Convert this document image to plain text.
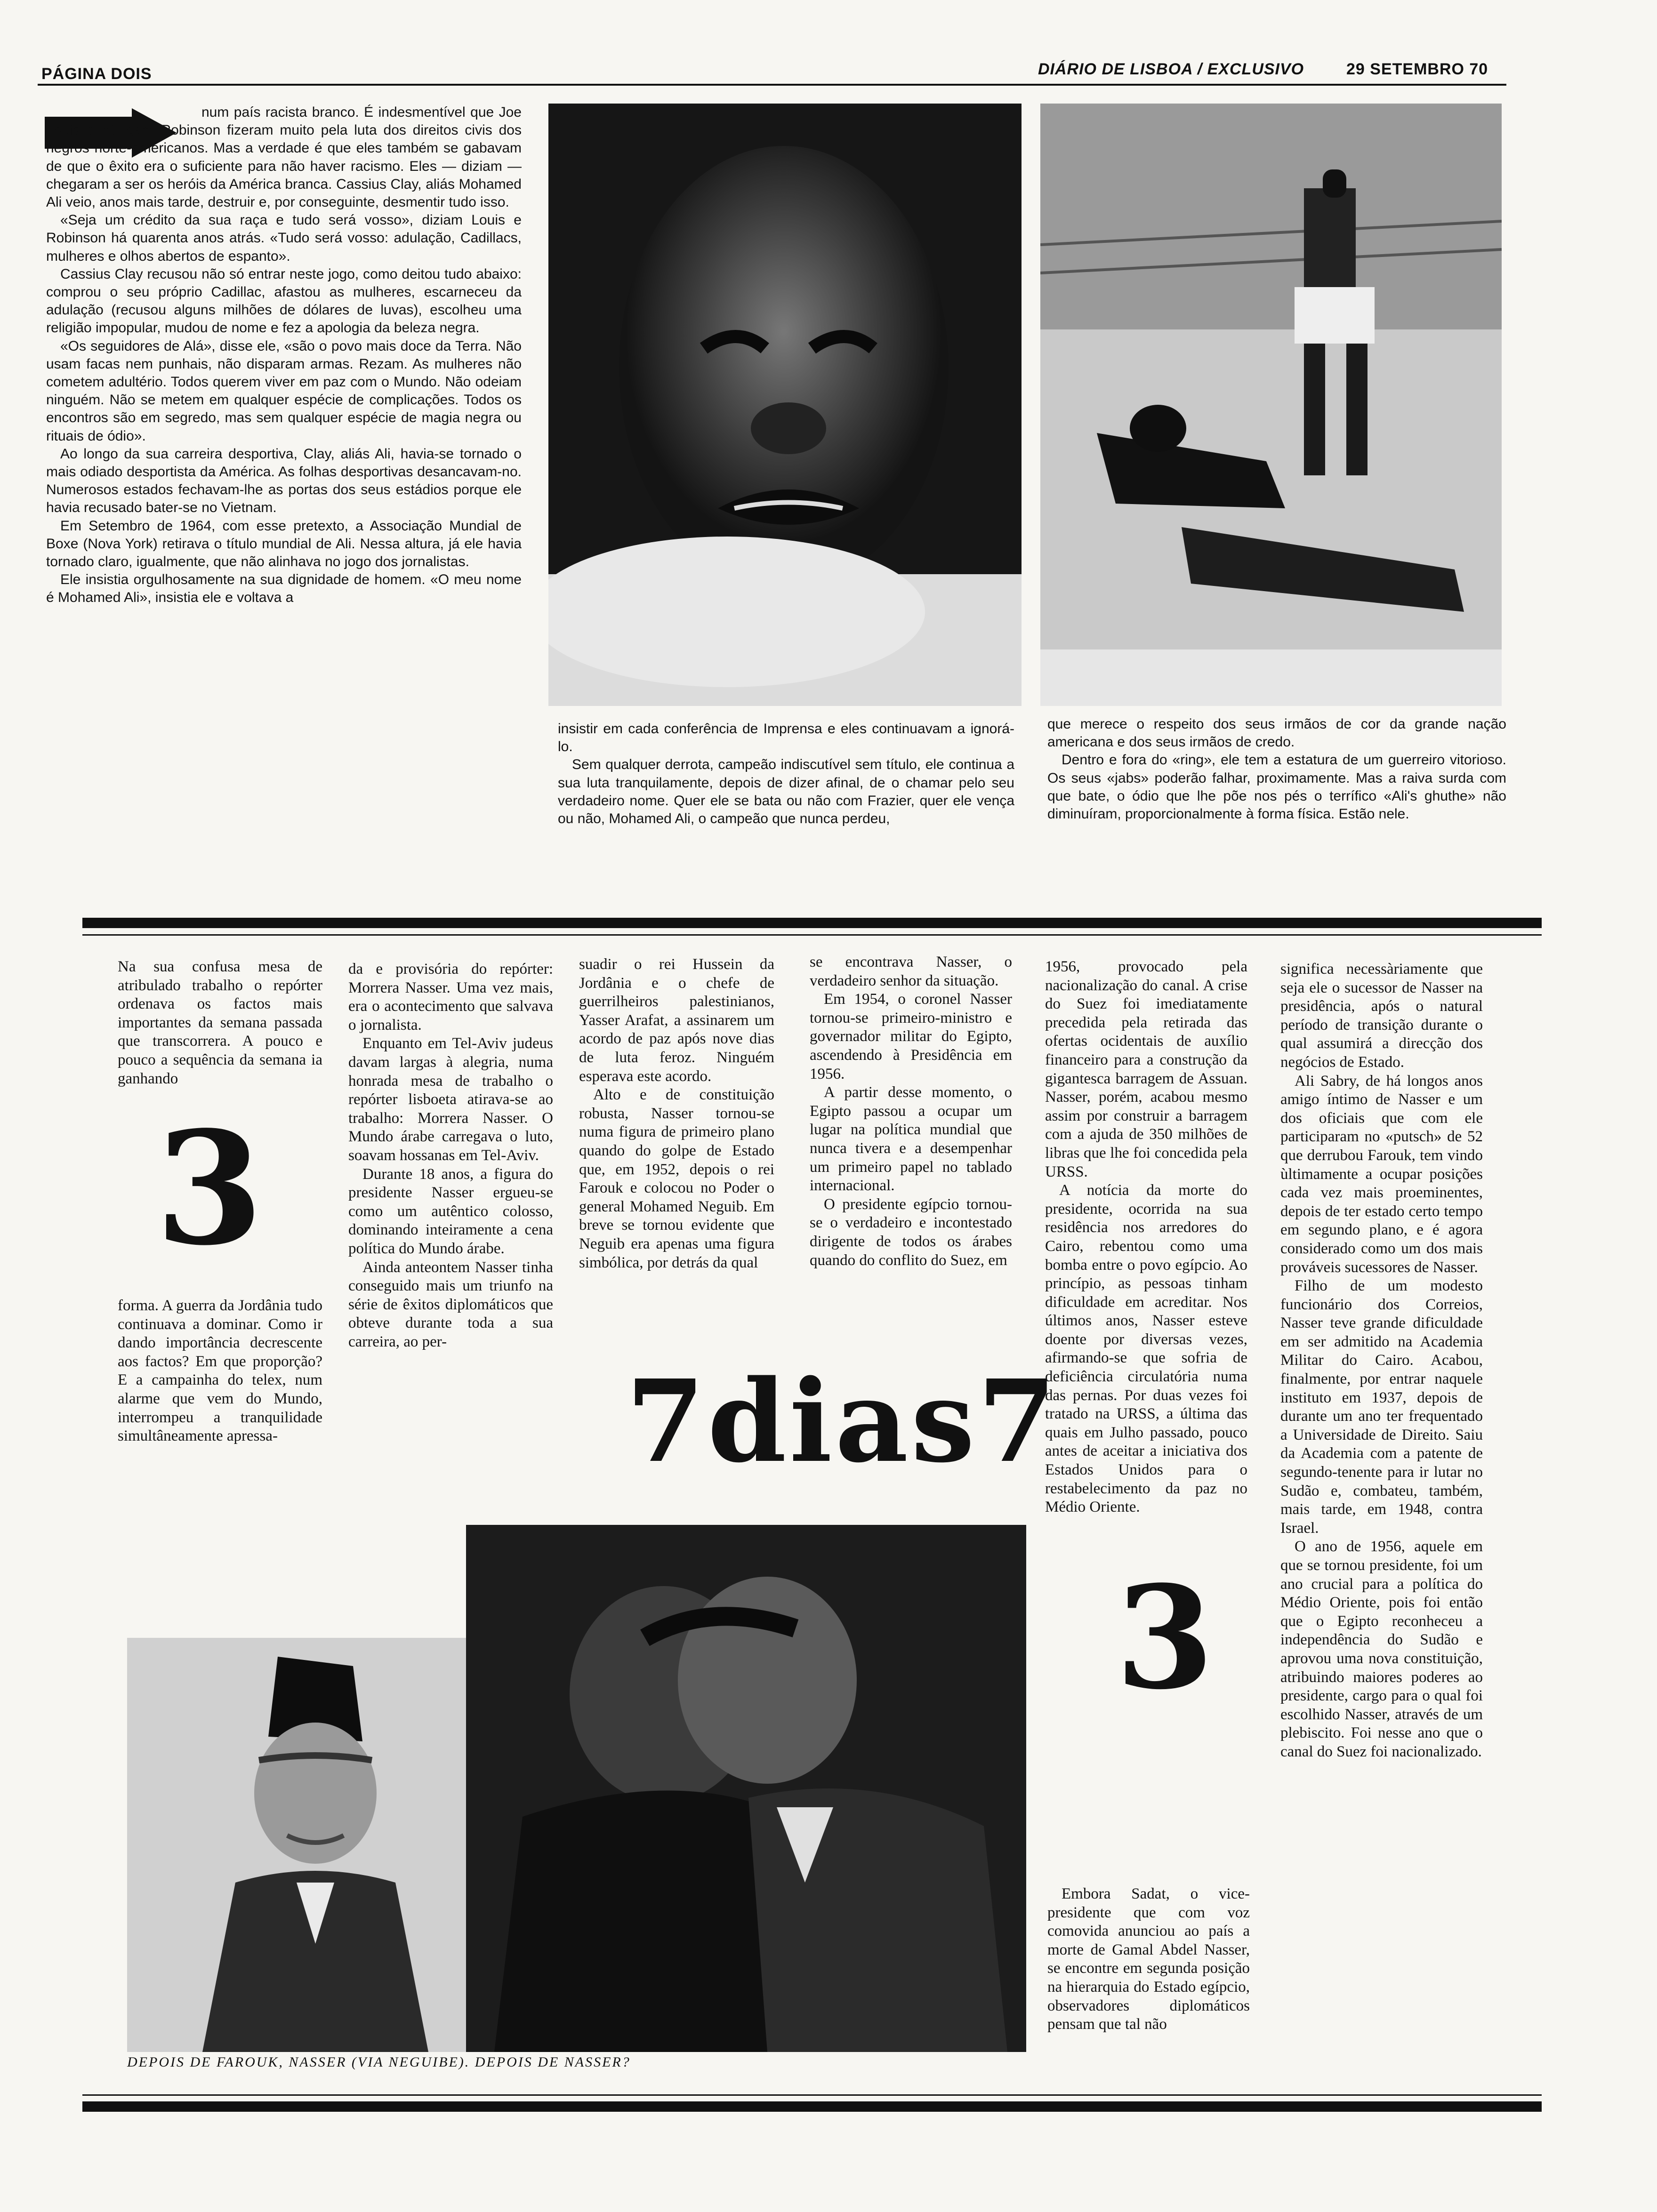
PÁGINA DOIS	DIÁRIO DE LISBOA / EXCLUSIVO	29 SETEMBRO 70

num país racista branco. É indesmentível que Joe Louis e «Sugar» Robinson fizeram muito pela luta dos direitos civis dos negros norte-americanos. Mas a verdade é que eles também se gabavam de que o êxito era o suficiente para não haver racismo. Eles — diziam — chegaram a ser os heróis da América branca. Cassius Clay, aliás Mohamed Ali veio, anos mais tarde, destruir e, por conseguinte, desmentir tudo isso.

«Seja um crédito da sua raça e tudo será vosso», diziam Louis e Robinson há quarenta anos atrás. «Tudo será vosso: adulação, Cadillacs, mulheres e olhos abertos de espanto».

Cassius Clay recusou não só entrar neste jogo, como deitou tudo abaixo: comprou o seu próprio Cadillac, afastou as mulheres, escarneceu da adulação (recusou alguns milhões de dólares de luvas), escolheu uma religião impopular, mudou de nome e fez a apologia da beleza negra.

«Os seguidores de Alá», disse ele, «são o povo mais doce da Terra. Não usam facas nem punhais, não disparam armas. Rezam. As mulheres não cometem adultério. Todos querem viver em paz com o Mundo. Não odeiam ninguém. Não se metem em qualquer espécie de complicações. Todos os encontros são em segredo, mas sem qualquer espécie de magia negra ou rituais de ódio».

Ao longo da sua carreira desportiva, Clay, aliás Ali, havia-se tornado o mais odiado desportista da América. As folhas desportivas desancavam-no. Numerosos estados fechavam-lhe as portas dos seus estádios porque ele havia recusado bater-se no Vietnam.

Em Setembro de 1964, com esse pretexto, a Associação Mundial de Boxe (Nova York) retirava o título mundial de Ali. Nessa altura, já ele havia tornado claro, igualmente, que não alinhava no jogo dos jornalistas.

Ele insistia orgulhosamente na sua dignidade de homem. «O meu nome é Mohamed Ali», insistia ele e voltava a

insistir em cada conferência de Imprensa e eles continuavam a ignorá-lo.

Sem qualquer derrota, campeão indiscutível sem título, ele continua a sua luta tranquilamente, depois de dizer afinal, de o chamar pelo seu verdadeiro nome. Quer ele se bata ou não com Frazier, quer ele vença ou não, Mohamed Ali, o campeão que nunca perdeu,

que merece o respeito dos seus irmãos de cor da grande nação americana e dos seus irmãos de credo.

Dentro e fora do «ring», ele tem a estatura de um guerreiro vitorioso. Os seus «jabs» poderão falhar, proximamente. Mas a raiva surda com que bate, o ódio que lhe põe nos pés o terrífico «Ali's ghuthe» não diminuíram, proporcionalmente à forma física. Estão nele.

Na sua confusa mesa de atribulado trabalho o repórter ordenava os factos mais importantes da semana passada que transcorrera. A pouco e pouco a sequência da semana ia ganhando
3
forma. A guerra da Jordânia tudo continuava a dominar. Como ir dando importância decrescente aos factos? Em que proporção? E a campainha do telex, num alarme que vem do Mundo, interrompeu a tranquilidade simultâneamente apressa-

da e provisória do repórter: Morrera Nasser. Uma vez mais, era o acontecimento que salvava o jornalista.

Enquanto em Tel-Aviv judeus davam largas à alegria, numa honrada mesa de trabalho o repórter lisboeta atirava-se ao trabalho: Morrera Nasser. O Mundo árabe carregava o luto, soavam hossanas em Tel-Aviv.

Durante 18 anos, a figura do presidente Nasser ergueu-se como um autêntico colosso, dominando inteiramente a cena política do Mundo árabe.

Ainda anteontem Nasser tinha conseguido mais um triunfo na série de êxitos diplomáticos que obteve durante toda a sua carreira, ao per-

suadir o rei Hussein da Jordânia e o chefe de guerrilheiros palestinianos, Yasser Arafat, a assinarem um acordo de paz após nove dias de luta feroz. Ninguém esperava este acordo.

Alto e de constituição robusta, Nasser tornou-se numa figura de primeiro plano quando do golpe de Estado que, em 1952, depois o rei Farouk e colocou no Poder o general Mohamed Neguib. Em breve se tornou evidente que Neguib era apenas uma figura simbólica, por detrás da qual

se encontrava Nasser, o verdadeiro senhor da situação.

Em 1954, o coronel Nasser tornou-se primeiro-ministro e governador militar do Egipto, ascendendo à Presidência em 1956.

A partir desse momento, o Egipto passou a ocupar um lugar na política mundial que nunca tivera e a desempenhar um primeiro papel no tablado internacional.

O presidente egípcio tornou-se o verdadeiro e incontestado dirigente de todos os árabes quando do conflito do Suez, em

7dias7

1956, provocado pela nacionalização do canal. A crise do Suez foi imediatamente precedida pela retirada das ofertas ocidentais de auxílio financeiro para a construção da gigantesca barragem de Assuan. Nasser, porém, acabou mesmo assim por construir a barragem com a ajuda de 350 milhões de libras que lhe foi concedida pela URSS.

A notícia da morte do presidente, ocorrida na sua residência nos arredores do Cairo, rebentou como uma bomba entre o povo egípcio. Ao princípio, as pessoas tinham dificuldade em acreditar. Nos últimos anos, Nasser esteve doente por diversas vezes, afirmando-se que sofria de deficiência circulatória numa das pernas. Por duas vezes foi tratado na URSS, a última das quais em Julho passado, pouco antes de aceitar a iniciativa dos Estados Unidos para o restabelecimento da paz no Médio Oriente.

3
Embora Sadat, o vice-presidente que com voz comovida anunciou ao país a morte de Gamal Abdel Nasser, se encontre em segunda posição na hierarquia do Estado egípcio, observadores diplomáticos pensam que tal não

significa necessàriamente que seja ele o sucessor de Nasser na presidência, após o natural período de transição durante o qual assumirá a direcção dos negócios de Estado.

Ali Sabry, de há longos anos amigo íntimo de Nasser e um dos oficiais que com ele participaram no «putsch» de 52 que derrubou Farouk, tem vindo ùltimamente a ocupar posições cada vez mais proeminentes, depois de ter estado certo tempo em segundo plano, e é agora considerado como um dos mais prováveis sucessores de Nasser.

Filho de um modesto funcionário dos Correios, Nasser teve grande dificuldade em ser admitido na Academia Militar do Cairo. Acabou, finalmente, por entrar naquele instituto em 1937, depois de durante um ano ter frequentado a Universidade de Direito. Saiu da Academia com a patente de segundo-tenente para ir lutar no Sudão e, combateu, também, mais tarde, em 1948, contra Israel.

O ano de 1956, aquele em que se tornou presidente, foi um ano crucial para a política do Médio Oriente, pois foi então que o Egipto reconheceu a independência do Sudão e aprovou uma nova constituição, atribuindo maiores poderes ao presidente, cargo para o qual foi escolhido Nasser, através de um plebiscito. Foi nesse ano que o canal do Suez foi nacionalizado.

DEPOIS DE FAROUK, NASSER (VIA NEGUIBE). DEPOIS DE NASSER?
